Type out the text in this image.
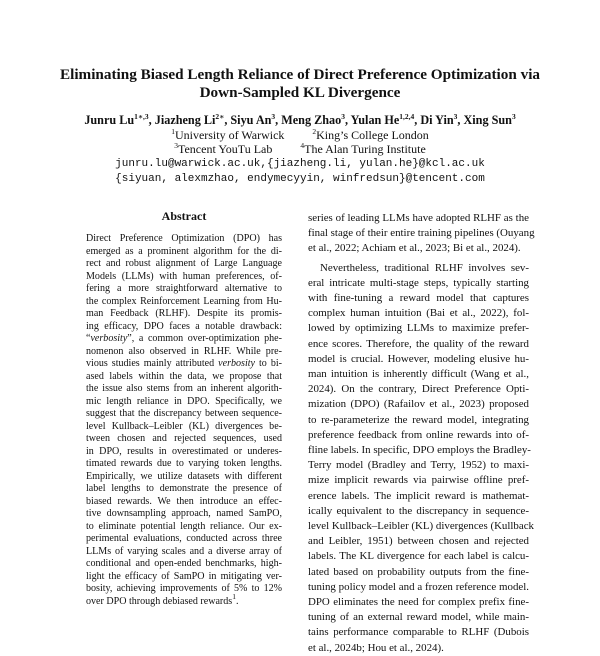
Eliminating Biased Length Reliance of Direct Preference Optimization via
Down-Sampled KL Divergence
Junru $Lu^{1∗,3}$, Jiazheng $Li^{2∗}$, Siyu An$^3$, Meng Zhao$^3$, Yulan He$^{1,2,4}$, Di Yin$^3$, Xing Sun$^3$
$^1$University of Warwick	$^2$King’s College London
$^3$Tencent YouTu Lab	$^4$The Alan Turing Institute
junru.lu@warwick.ac.uk,{jiazheng.li, yulan.he}@kcl.ac.uk
{siyuan, alexmzhao, endymecyyin, winfredsun}@tencent.com
Abstract
Direct Preference Optimization (DPO) has
emerged as a prominent algorithm for the di-
rect and robust alignment of Large Language
Models (LLMs) with human preferences, of-
fering a more straightforward alternative to
the complex Reinforcement Learning from Hu-
man Feedback (RLHF). Despite its promis-
ing efficacy, DPO faces a notable drawback:
“verbosity”, a common over-optimization phe-
nomenon also observed in RLHF. While pre-
vious studies mainly attributed verbosity to bi-
ased labels within the data, we propose that
the issue also stems from an inherent algorith-
mic length reliance in DPO. Specifically, we
suggest that the discrepancy between sequence-
level Kullback–Leibler (KL) divergences be-
tween chosen and rejected sequences, used
in DPO, results in overestimated or underes-
timated rewards due to varying token lengths.
Empirically, we utilize datasets with different
label lengths to demonstrate the presence of
biased rewards. We then introduce an effec-
tive downsampling approach, named SamPO,
to eliminate potential length reliance. Our ex-
perimental evaluations, conducted across three
LLMs of varying scales and a diverse array of
conditional and open-ended benchmarks, high-
light the efficacy of SamPO in mitigating ver-
bosity, achieving improvements of 5% to 12%
over DPO through debiased rewards$^1$.
series of leading LLMs have adopted RLHF as the
final stage of their entire training pipelines (Ouyang
et al., 2022; Achiam et al., 2023; Bi et al., 2024).
Nevertheless, traditional RLHF involves sev-
eral intricate multi-stage steps, typically starting
with fine-tuning a reward model that captures
complex human intuition (Bai et al., 2022), fol-
lowed by optimizing LLMs to maximize prefer-
ence scores. Therefore, the quality of the reward
model is crucial. However, modeling elusive hu-
man intuition is inherently difficult (Wang et al.,
2024). On the contrary, Direct Preference Opti-
mization (DPO) (Rafailov et al., 2023) proposed
to re-parameterize the reward model, integrating
preference feedback from online rewards into of-
fline labels. In specific, DPO employs the Bradley-
Terry model (Bradley and Terry, 1952) to maxi-
mize implicit rewards via pairwise offline pref-
erence labels. The implicit reward is mathemat-
ically equivalent to the discrepancy in sequence-
level Kullback–Leibler (KL) divergences (Kullback
and Leibler, 1951) between chosen and rejected
labels. The KL divergence for each label is calcu-
lated based on probability outputs from the fine-
tuning policy model and a frozen reference model.
DPO eliminates the need for complex prefix fine-
tuning of an external reward model, while main-
tains performance comparable to RLHF (Dubois
et al., 2024b; Hou et al., 2024).
